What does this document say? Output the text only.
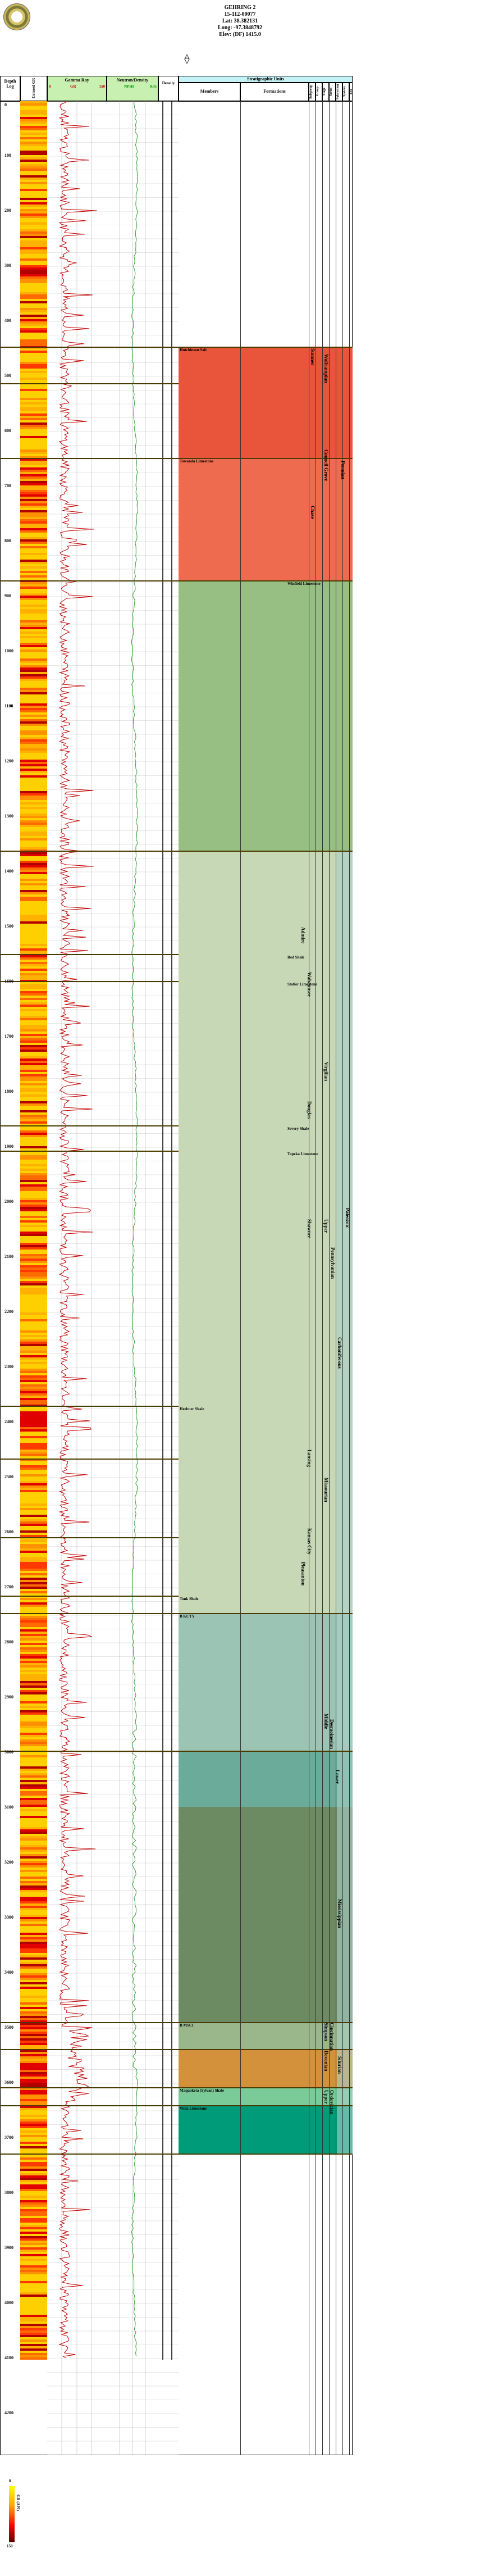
GEHRING 2
15-112-00077
Lat: 38.382131
Long: -97.3848792
Elev: (DF) 1415.0
Depth
Log	Colored GR	Gamma Ray
0	GR	150
Neutron/Density
NPHI	0.45
Density
Stratigraphic Units
Members	Formations	Subgroup Group Stage Series Subsystem System Era
0
100
200
300
400
500
600
700
800
900
1000
1100
1200
1300
1400
1500
1600
1700
1800
1900
2000
2100
2200
2300
2400
2500
2600
2700
2800
2900
3000
3100
3200
3300
3400
3500
3600
3700
3800
3900
4000
4100
4200
Hutchinson Salt
Towanda Limestone
Winfield Limestone
Red Shale
Stotler Limestone
Severy Shale
Topeka Limestone
Heebner Shale
Tonk Shale
B KCTY
B MSCI
Maquoketa (Sylvan) Shale
Viola Limestone
Sumner
Chase
Wolfcampian
Council Grove Permian
Admire
Wabaunsee
Virgilian
Douglas
Shawnee Upper
Pennsylvanian
Carboniferous
Paleozoic
Lansing
Missourian
Kansas City
Pleasanton
Middle Desmoinesian
Lower
Mississippian
Simpson Cincinnatian
Devonian
Upper Ordovician
Silurian
0
150
GR (API)
